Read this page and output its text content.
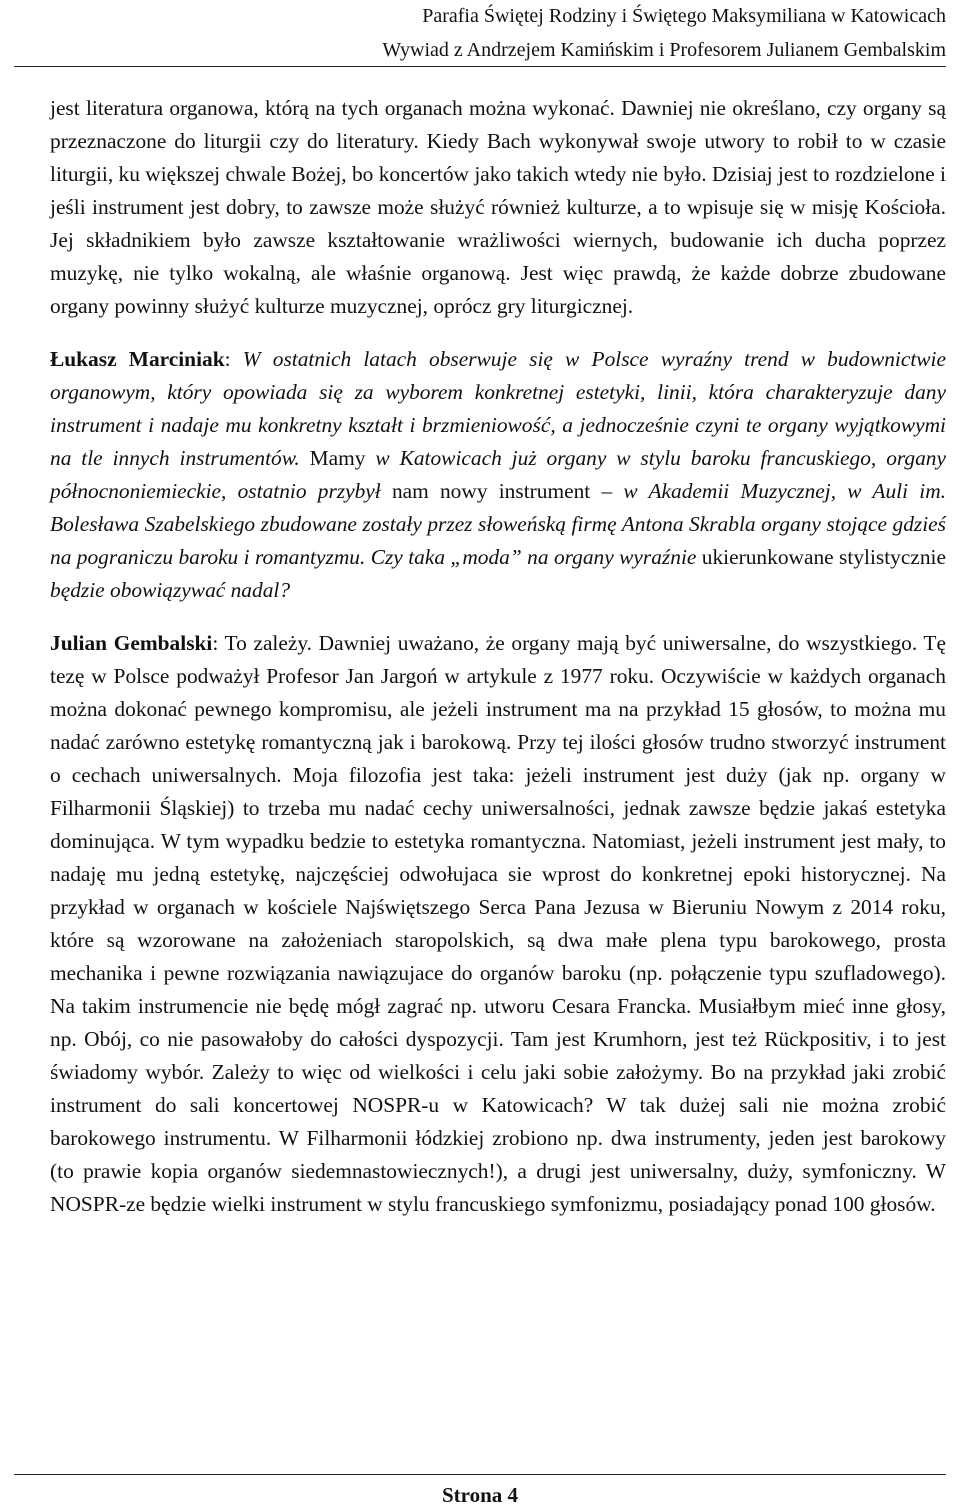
Parafia Świętej Rodziny i Świętego Maksymiliana w Katowicach
Wywiad z Andrzejem Kamińskim i Profesorem Julianem Gembalskim

jest literatura organowa, którą na tych organach można wykonać. Dawniej nie określano, czy organy są przeznaczone do liturgii czy do literatury. Kiedy Bach wykonywał swoje utwory to robił to w czasie liturgii, ku większej chwale Bożej, bo koncertów jako takich wtedy nie było. Dzisiaj jest to rozdzielone i jeśli instrument jest dobry, to zawsze może służyć również kulturze, a to wpisuje się w misję Kościoła. Jej składnikiem było zawsze kształtowanie wrażliwości wiernych, budowanie ich ducha poprzez muzykę, nie tylko wokalną, ale właśnie organową. Jest więc prawdą, że każde dobrze zbudowane organy powinny służyć kulturze muzycznej, oprócz gry liturgicznej.

Łukasz Marciniak: W ostatnich latach obserwuje się w Polsce wyraźny trend w budownictwie organowym, który opowiada się za wyborem konkretnej estetyki, linii, która charakteryzuje dany instrument i nadaje mu konkretny kształt i brzmieniowość, a jednocześnie czyni te organy wyjątkowymi na tle innych instrumentów. Mamy w Katowicach już organy w stylu baroku francuskiego, organy północnoniemieckie, ostatnio przybył nam nowy instrument – w Akademii Muzycznej, w Auli im. Bolesława Szabelskiego zbudowane zostały przez słoweńską firmę Antona Skrabla organy stojące gdzieś na pograniczu baroku i romantyzmu. Czy taka „moda” na organy wyraźnie ukierunkowane stylistycznie będzie obowiązywać nadal?

Julian Gembalski: To zależy. Dawniej uważano, że organy mają być uniwersalne, do wszystkiego. Tę tezę w Polsce podważył Profesor Jan Jargoń w artykule z 1977 roku. Oczywiście w każdych organach można dokonać pewnego kompromisu, ale jeżeli instrument ma na przykład 15 głosów, to można mu nadać zarówno estetykę romantyczną jak i barokową. Przy tej ilości głosów trudno stworzyć instrument o cechach uniwersalnych. Moja filozofia jest taka: jeżeli instrument jest duży (jak np. organy w Filharmonii Śląskiej) to trzeba mu nadać cechy uniwersalności, jednak zawsze będzie jakaś estetyka dominująca. W tym wypadku bedzie to estetyka romantyczna. Natomiast, jeżeli instrument jest mały, to nadaję mu jedną estetykę, najczęściej odwołujaca sie wprost do konkretnej epoki historycznej. Na przykład w organach w kościele Najświętszego Serca Pana Jezusa w Bieruniu Nowym z 2014 roku, które są wzorowane na założeniach staropolskich, są dwa małe plena typu barokowego, prosta mechanika i pewne rozwiązania nawiązujace do organów baroku (np. połączenie typu szufladowego). Na takim instrumencie nie będę mógł zagrać np. utworu Cesara Francka. Musiałbym mieć inne głosy, np. Obój, co nie pasowałoby do całości dyspozycji. Tam jest Krumhorn, jest też Rückpositiv, i to jest świadomy wybór. Zależy to więc od wielkości i celu jaki sobie założymy. Bo na przykład jaki zrobić instrument do sali koncertowej NOSPR-u w Katowicach? W tak dużej sali nie można zrobić barokowego instrumentu. W Filharmonii łódzkiej zrobiono np. dwa instrumenty, jeden jest barokowy (to prawie kopia organów siedemnastowiecznych!), a drugi jest uniwersalny, duży, symfoniczny. W NOSPR-ze będzie wielki instrument w stylu francuskiego symfonizmu, posiadający ponad 100 głosów.

Strona 4
